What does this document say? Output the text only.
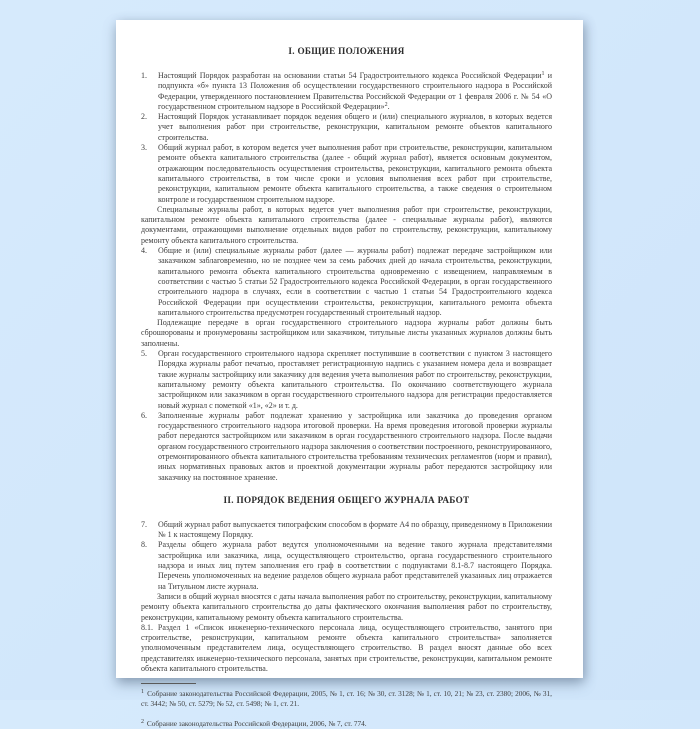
I. ОБЩИЕ ПОЛОЖЕНИЯ
1. Настоящий Порядок разработан на основании статьи 54 Градостроительного кодекса Российской Федерации$^1$ и подпункта «б» пункта 13 Положения об осуществлении государственного строительного надзора в Российской Федерации, утвержденного постановлением Правительства Российской Федерации от 1 февраля 2006 г. № 54 «О государственном строительном надзоре в Российской Федерации»$^2$.
2. Настоящий Порядок устанавливает порядок ведения общего и (или) специального журналов, в которых ведется учет выполнения работ при строительстве, реконструкции, капитальном ремонте объектов капитального строительства.
3. Общий журнал работ, в котором ведется учет выполнения работ при строительстве, реконструкции, капитальном ремонте объекта капитального строительства (далее - общий журнал работ), является основным документом, отражающим последовательность осуществления строительства, реконструкции, капитального ремонта объекта капитального строительства, в том числе сроки и условия выполнения всех работ при строительстве, реконструкции, капитальном ремонте объекта капитального строительства, а также сведения о строительном контроле и государственном строительном надзоре.
Специальные журналы работ, в которых ведется учет выполнения работ при строительстве, реконструкции, капитальном ремонте объекта капитального строительства (далее - специальные журналы работ), являются документами, отражающими выполнение отдельных видов работ по строительству, реконструкции, капитальному ремонту объекта капитального строительства.
4. Общие и (или) специальные журналы работ (далее — журналы работ) подлежат передаче застройщиком или заказчиком заблаговременно, но не позднее чем за семь рабочих дней до начала строительства, реконструкции, капитального ремонта объекта капитального строительства одновременно с извещением, направляемым в соответствии с частью 5 статьи 52 Градостроительного кодекса Российской Федерации, в орган государственного строительного надзора в случаях, если в соответствии с частью 1 статьи 54 Градостроительного кодекса Российской Федерации при осуществлении строительства, реконструкции, капитального ремонта объекта капитального строительства предусмотрен государственный строительный надзор.
Подлежащие передаче в орган государственного строительного надзора журналы работ должны быть сброшюрованы и пронумерованы застройщиком или заказчиком, титульные листы указанных журналов должны быть заполнены.
5. Орган государственного строительного надзора скрепляет поступившие в соответствии с пунктом 3 настоящего Порядка журналы работ печатью, проставляет регистрационную надпись с указанием номера дела и возвращает такие журналы застройщику или заказчику для ведения учета выполнения работ по строительству, реконструкции, капитальному ремонту объекта капитального строительства. По окончанию соответствующего журнала застройщиком или заказчиком в орган государственного строительного надзора для регистрации предоставляется новый журнал с пометкой «1», «2» и т. д.
6. Заполненные журналы работ подлежат хранению у застройщика или заказчика до проведения органом государственного строительного надзора итоговой проверки. На время проведения итоговой проверки журналы работ передаются застройщиком или заказчиком в орган государственного строительного надзора. После выдачи органом государственного строительного надзора заключения о соответствии построенного, реконструированного, отремонтированного объекта капитального строительства требованиям технических регламентов (норм и правил), иных нормативных правовых актов и проектной документации журналы работ передаются застройщику или заказчику на постоянное хранение.
II. ПОРЯДОК ВЕДЕНИЯ ОБЩЕГО ЖУРНАЛА РАБОТ
7. Общий журнал работ выпускается типографским способом в формате А4 по образцу, приведенному в Приложении № 1 к настоящему Порядку.
8. Разделы общего журнала работ ведутся уполномоченными на ведение такого журнала представителями застройщика или заказчика, лица, осуществляющего строительство, органа государственного строительного надзора и иных лиц путем заполнения его граф в соответствии с подпунктами 8.1-8.7 настоящего Порядка. Перечень уполномоченных на ведение разделов общего журнала работ представителей указанных лиц отражается на Титульном листе журнала.
Записи в общий журнал вносятся с даты начала выполнения работ по строительству, реконструкции, капитальному ремонту объекта капитального строительства до даты фактического окончания выполнения работ по строительству, реконструкции, капитальному ремонту объекта капитального строительства.
8.1. Раздел 1 «Список инженерно-технического персонала лица, осуществляющего строительство, занятого при строительстве, реконструкции, капитальном ремонте объекта капитального строительства» заполняется уполномоченным представителем лица, осуществляющего строительство. В раздел вносят данные обо всех представителях инженерно-технического персонала, занятых при строительстве, реконструкции, капитальном ремонте объекта капитального строительства.
$^1$ Собрание законодательства Российской Федерации, 2005, № 1, ст. 16; № 30, ст. 3128; № 1, ст. 10, 21; № 23, ст. 2380; 2006, № 31, ст. 3442; № 50, ст. 5279; № 52, ст. 5498; № 1, ст. 21.
$^2$ Собрание законодательства Российской Федерации, 2006, № 7, ст. 774.
